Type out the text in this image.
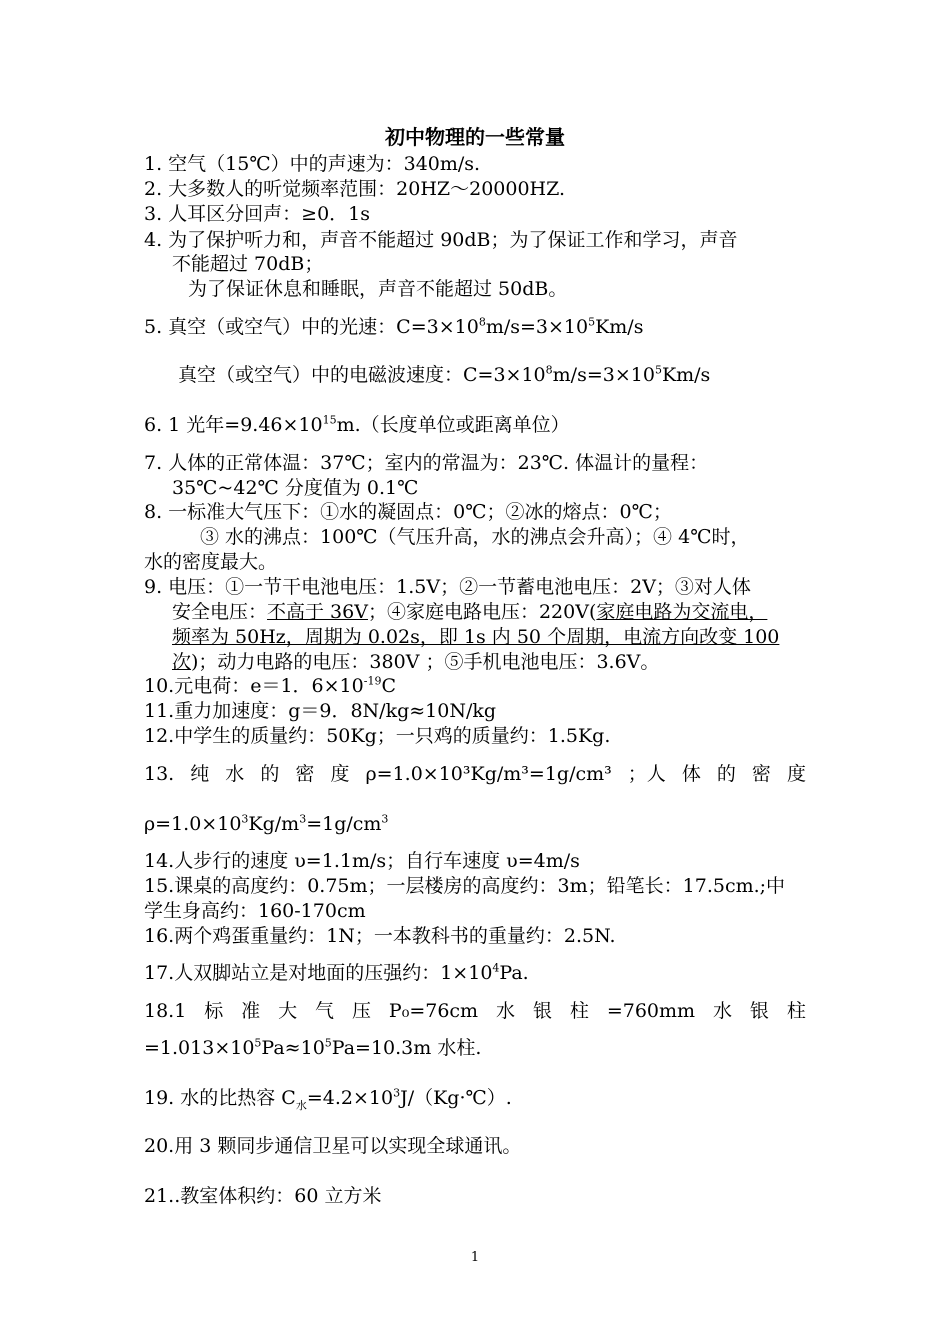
初中物理的一些常量
1. 空气（15℃）中的声速为：340m/s.
2. 大多数人的听觉频率范围：20HZ～20000HZ.
3. 人耳区分回声：≥0．1s
4. 为了保护听力和，声音不能超过 90dB；为了保证工作和学习，声音
不能超过 70dB；
为了保证休息和睡眠，声音不能超过 50dB。
5. 真空（或空气）中的光速：$C=3\times 10^8m/s=3\times 10^5Km/s$
真空（或空气）中的电磁波速度：$C=3\times 10^8m/s=3\times 10^5Km/s$
6. 1 光年$=9.46\times 10^{15}m$.（长度单位或距离单位）
7. 人体的正常体温：37℃；室内的常温为：23℃. 体温计的量程：
35℃~42℃ 分度值为 0.1℃
8. 一标准大气压下：①水的凝固点：0℃；②冰的熔点：0℃；
③ 水的沸点：100℃（气压升高，水的沸点会升高）；④ 4℃时，
水的密度最大。
9. 电压：①一节干电池电压：1.5V；②一节蓄电池电压：2V；③对人体
安全电压：不高于 36V；④家庭电路电压：220V(家庭电路为交流电，
频率为 50Hz，周期为 0.02s，即 1s 内 50 个周期，电流方向改变 100
次)；动力电路的电压：380V ；⑤手机电池电压：3.6V。
10.元电荷：e＝1．$6\times 10^{-19}C$
11.重力加速度：g＝9．8N/kg≈10N/kg
12.中学生的质量约：50Kg；一只鸡的质量约：1.5Kg.
13. 纯 水 的 密 度 ρ=1.0×10³Kg/m³=1g/cm³ ；人 体 的 密 度
$\rho=1.0\times 10^3Kg/m^3=1g/cm^3$
14.人步行的速度 υ=1.1m/s；自行车速度 υ=4m/s
15.课桌的高度约：0.75m；一层楼房的高度约：3m；铅笔长：17.5cm.;中
学生身高约：160-170cm
16.两个鸡蛋重量约：1N；一本教科书的重量约：2.5N.
17.人双脚站立是对地面的压强约：$1\times 10^4Pa$.
18.1 标 准 大 气 压 P₀=76cm 水 银 柱 =760mm 水 银 柱
$=1.013\times 10^5Pa\approx 10^5Pa=10.3m$ 水柱.
19. 水的比热容 $C_水=4.2\times 10^3J/(Kg\cdot℃)$.
20.用 3 颗同步通信卫星可以实现全球通讯。
21..教室体积约：60 立方米
1
